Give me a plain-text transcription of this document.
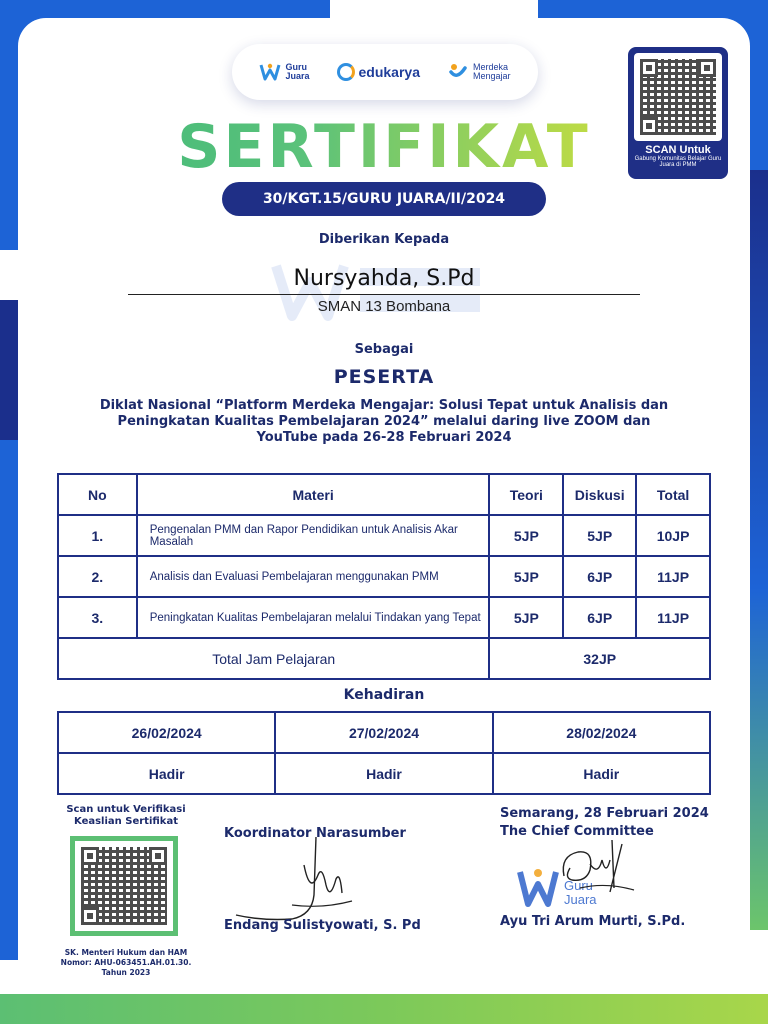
Guru
Juara	edukarya	Merdeka
Mengajar
SERTIFIKAT
30/KGT.15/GURU JUARA/II/2024
Diberikan Kepada
Nursyahda, S.Pd
SMAN 13 Bombana
Sebagai
PESERTA
Diklat Nasional “Platform Merdeka Mengajar: Solusi Tepat untuk Analisis dan Peningkatan Kualitas Pembelajaran 2024” melalui daring live ZOOM dan YouTube pada 26-28 Februari 2024
No	Materi	Teori	Diskusi	Total
1.	Pengenalan PMM dan Rapor Pendidikan untuk Analisis Akar Masalah	5JP	5JP	10JP
2.	Analisis dan Evaluasi Pembelajaran menggunakan PMM	5JP	6JP	11JP
3.	Peningkatan Kualitas Pembelajaran melalui Tindakan yang Tepat	5JP	6JP	11JP
Total Jam Pelajaran		32JP		
Kehadiran
26/02/2024	27/02/2024	28/02/2024
Hadir	Hadir	Hadir
Scan untuk Verifikasi Keaslian Sertifikat
SK. Menteri Hukum dan HAM Nomor: AHU-063451.AH.01.30. Tahun 2023
Koordinator Narasumber
Endang Sulistyowati, S. Pd
Semarang, 28 Februari 2024
The Chief Committee
Guru
Juara
Ayu Tri Arum Murti, S.Pd.
